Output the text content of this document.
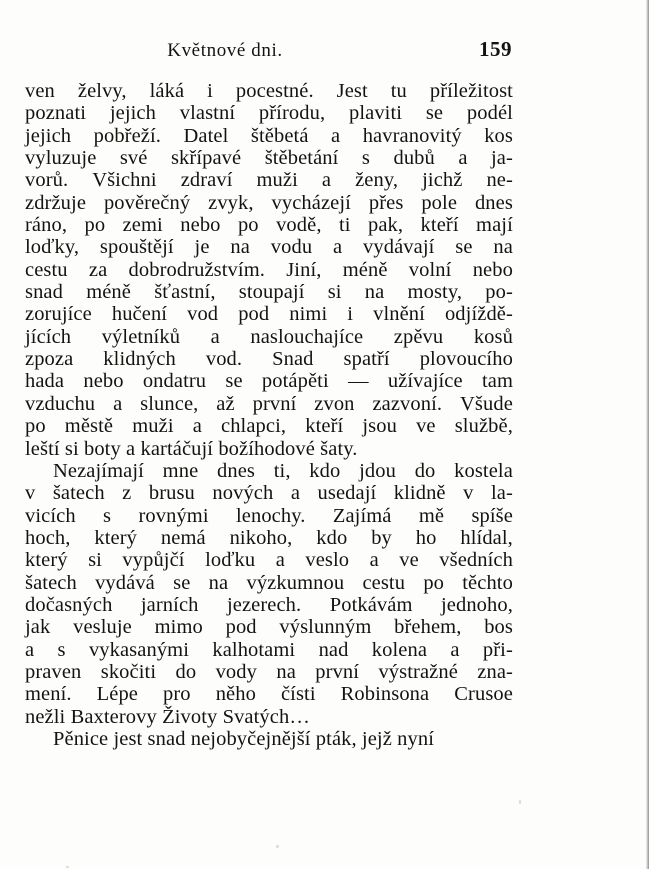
Květnové dni.	159
ven želvy, láká i pocestné. Jest tu příležitost
poznati jejich vlastní přírodu, plaviti se podél
jejich pobřeží. Datel štěbetá a havranovitý kos
vyluzuje své skřípavé štěbetání s dubů a ja-
vorů. Všichni zdraví muži a ženy, jichž ne-
zdržuje pověrečný zvyk, vycházejí přes pole dnes
ráno, po zemi nebo po vodě, ti pak, kteří mají
loďky, spouštějí je na vodu a vydávají se na
cestu za dobrodružstvím. Jiní, méně volní nebo
snad méně šťastní, stoupají si na mosty, po-
zorujíce hučení vod pod nimi i vlnění odjíždě-
jících výletníků a naslouchajíce zpěvu kosů
zpoza klidných vod. Snad spatří plovoucího
hada nebo ondatru se potápěti — užívajíce tam
vzduchu a slunce, až první zvon zazvoní. Všude
po městě muži a chlapci, kteří jsou ve službě,
leští si boty a kartáčují božíhodové šaty.
Nezajímají mne dnes ti, kdo jdou do kostela
v šatech z brusu nových a usedají klidně v la-
vicích s rovnými lenochy. Zajímá mě spíše
hoch, který nemá nikoho, kdo by ho hlídal,
který si vypůjčí loďku a veslo a ve všedních
šatech vydává se na výzkumnou cestu po těchto
dočasných jarních jezerech. Potkávám jednoho,
jak vesluje mimo pod výslunným břehem, bos
a s vykasanými kalhotami nad kolena a při-
praven skočiti do vody na první výstražné zna-
mení. Lépe pro něho čísti Robinsona Crusoe
nežli Baxterovy Životy Svatých…
Pěnice jest snad nejobyčejnější pták, jejž nyní
